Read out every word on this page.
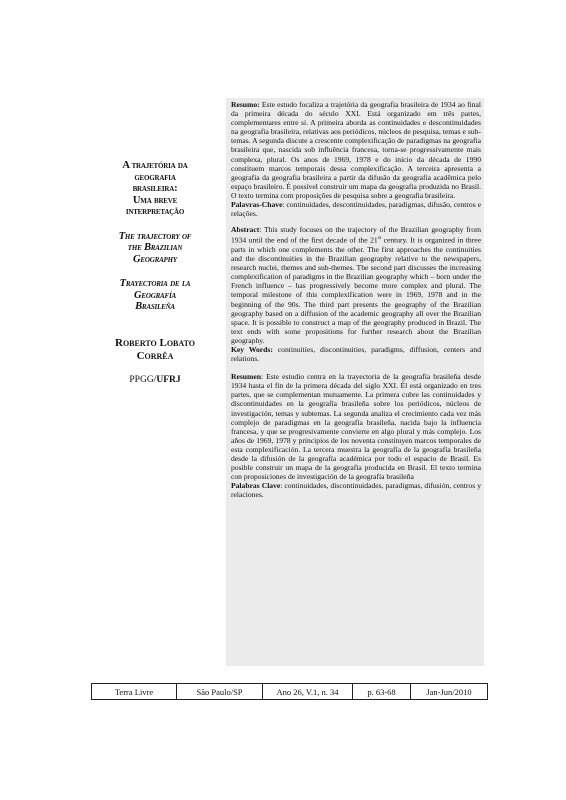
A trajetória da
geografia
brasileira:
Uma breve
interpretação
The trajectory of
the Brazilian
Geography
Trayectoria de la
Geografía
Brasileña
Roberto Lobato
Corrêa
PPGG/UFRJ

Resumo: Este estudo focaliza a trajetória da geografia brasileira de 1934 ao final da primeira década do século XXI. Está organizado em três partes, complementares entre si. A primeira aborda as continuidades e descontinuidades na geografia brasileira, relativas aos periódicos, núcleos de pesquisa, temas e sub-temas. A segunda discute a crescente complexificação de paradigmas na geografia brasileira que, nascida sob influência francesa, torna-se progressivamente mais complexa, plural. Os anos de 1969, 1978 e do início da década de 1990 constituem marcos temporais dessa complexificação. A terceira apresenta a geografia da geografia brasileira a partir da difusão da geografia acadêmica pelo espaço brasileiro. É possível construir um mapa da geografia produzida no Brasil. O texto termina com proposições de pesquisa sobre a geografia brasileira.

Palavras-Chave: continuidades, descontinuidades, paradigmas, difusão, centros e relações.

Abstract: This study focuses on the trajectory of the Brazilian geography from 1934 until the end of the first decade of the 21st century. It is organized in three parts in which one complements the other. The first approaches the continuities and the discontinuities in the Brazilian geography relative to the newspapers, research nuclei, themes and sub-themes. The second part discusses the increasing complexification of paradigms in the Brazilian geography which – born under the French influence – has progressively become more complex and plural. The temporal milestone of this complexification were in 1969, 1978 and in the beginning of the 90s. The third part presents the geography of the Brazilian geography based on a diffusion of the academic geography all over the Brazilian space. It is possible to construct a map of the geography produced in Brazil. The text ends with some propositions for further research about the Brazilian geography.

Key Words: continuities, discontinuities, paradigms, diffusion, centers and relations.

Resumen: Este estudio centra en la trayectoria de la geografía brasileña desde 1934 hasta el fin de la primera década del siglo XXI. Él está organizado en tres partes, que se complementan mutuamente. La primera cubre las continuidades y discontinuidades en la geografía brasileña sobre los periódicos, núcleos de investigación, temas y subtemas. La segunda analiza el crecimiento cada vez más complejo de paradigmas en la geografía brasileña, nacida bajo la influencia francesa, y que se progresivamente convierte en algo plural y más complejo. Los años de 1969, 1978 y principios de los noventa constituyen marcos temporales de esta complexificación. La tercera muestra la geografía de la geografía brasileña desde la difusión de la geografía académica por todo el espacio de Brasil. Es posible construir un mapa de la geografía producida en Brasil. El texto termina con proposiciones de investigación de la geografía brasileña

Palabras Clave: continuidades, discontinuidades, paradigmas, difusión, centros y relaciones.

Terra Livre	São Paulo/SP	Ano 26, V.1, n. 34	p. 63-68	Jan-Jun/2010
